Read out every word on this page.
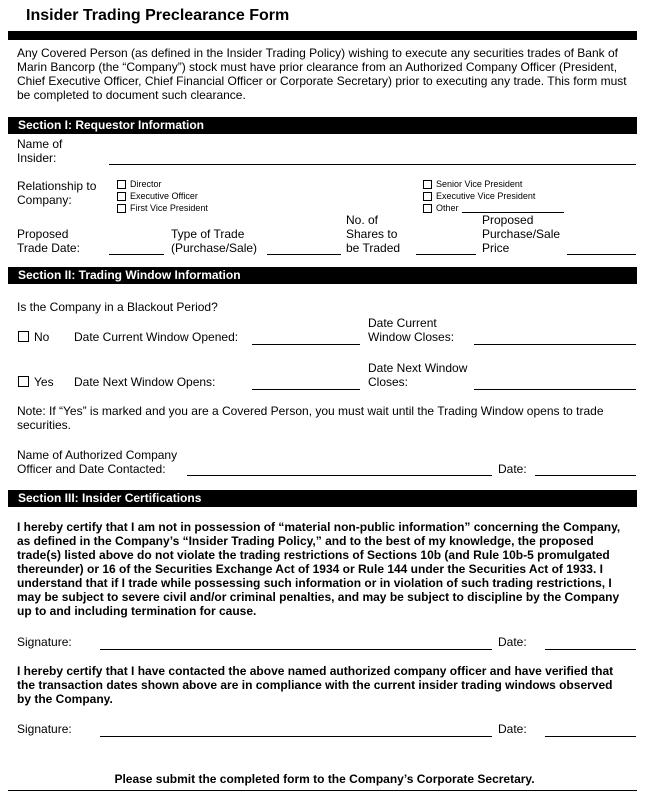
Insider Trading Preclearance Form
Any Covered Person (as defined in the Insider Trading Policy) wishing to execute any securities trades of Bank of Marin Bancorp (the “Company”) stock must have prior clearance from an Authorized Company Officer (President, Chief Executive Officer, Chief Financial Officer or Corporate Secretary) prior to executing any trade. This form must be completed to document such clearance.
Section I: Requestor Information
Name of
Insider:
Relationship to
Company:
Director
Executive Officer
First Vice President
Senior Vice President
Executive Vice President
Other
Proposed
Trade Date:
Type of Trade
(Purchase/Sale)
No. of
Shares to
be Traded
Proposed
Purchase/Sale
Price
Section II: Trading Window Information
Is the Company in a Blackout Period?
No Date Current Window Opened:
Date Current
Window Closes:
Yes Date Next Window Opens:
Date Next Window
Closes:
Note: If “Yes” is marked and you are a Covered Person, you must wait until the Trading Window opens to trade securities.
Name of Authorized Company
Officer and Date Contacted:	Date:
Section III: Insider Certifications
I hereby certify that I am not in possession of “material non-public information” concerning the Company, as defined in the Company’s “Insider Trading Policy,” and to the best of my knowledge, the proposed trade(s) listed above do not violate the trading restrictions of Sections 10b (and Rule 10b-5 promulgated thereunder) or 16 of the Securities Exchange Act of 1934 or Rule 144 under the Securities Act of 1933. I understand that if I trade while possessing such information or in violation of such trading restrictions, I may be subject to severe civil and/or criminal penalties, and may be subject to discipline by the Company up to and including termination for cause.
Signature:	Date:
I hereby certify that I have contacted the above named authorized company officer and have verified that the transaction dates shown above are in compliance with the current insider trading windows observed by the Company.
Signature:	Date:
Please submit the completed form to the Company’s Corporate Secretary.
